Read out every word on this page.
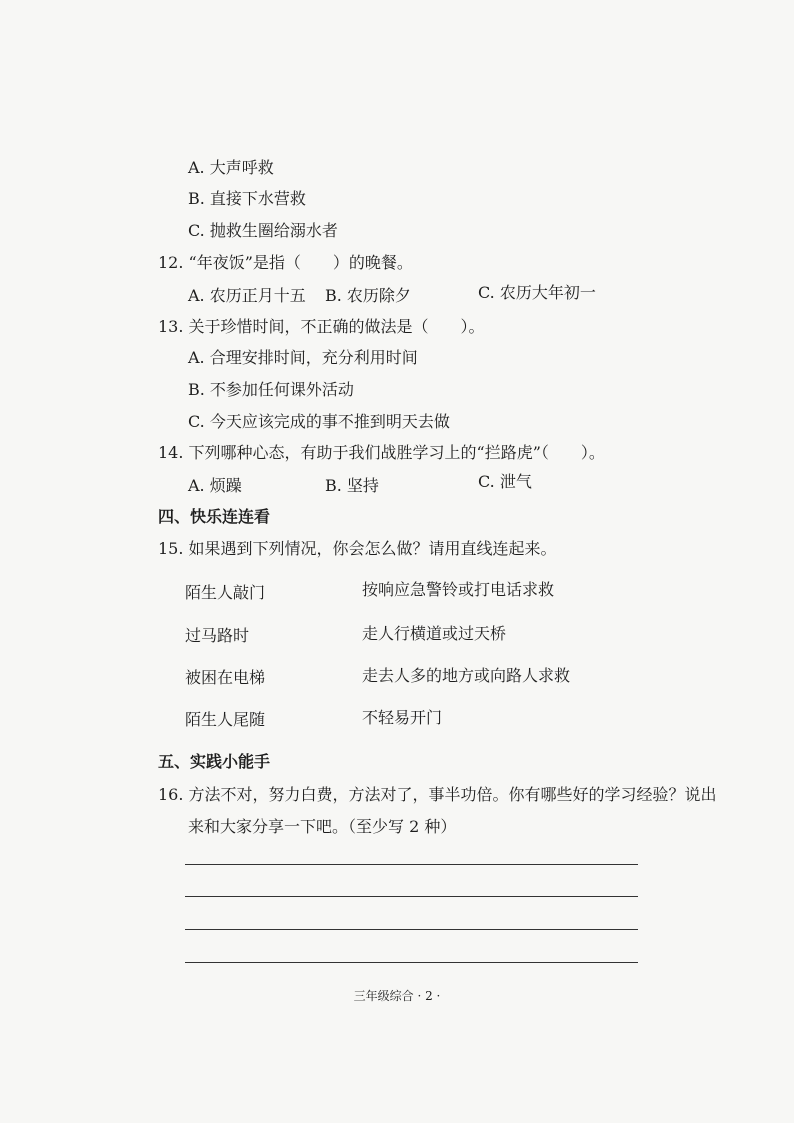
A. 大声呼救
B. 直接下水营救
C. 抛救生圈给溺水者
12. “年夜饭”是指（　　）的晚餐。
A. 农历正月十五 B. 农历除夕	C. 农历大年初一
13. 关于珍惜时间，不正确的做法是（　　）。
A. 合理安排时间，充分利用时间
B. 不参加任何课外活动
C. 今天应该完成的事不推到明天去做
14. 下列哪种心态，有助于我们战胜学习上的“拦路虎”（　　）。
A. 烦躁	B. 坚持	C. 泄气
四、快乐连连看
15. 如果遇到下列情况，你会怎么做？请用直线连起来。
陌生人敲门
过马路时
被困在电梯
陌生人尾随
按响应急警铃或打电话求救
走人行横道或过天桥
走去人多的地方或向路人求救
不轻易开门
五、实践小能手
16. 方法不对，努力白费，方法对了，事半功倍。你有哪些好的学习经验？说出
来和大家分享一下吧。（至少写 2 种）
三年级综合 · 2 ·
